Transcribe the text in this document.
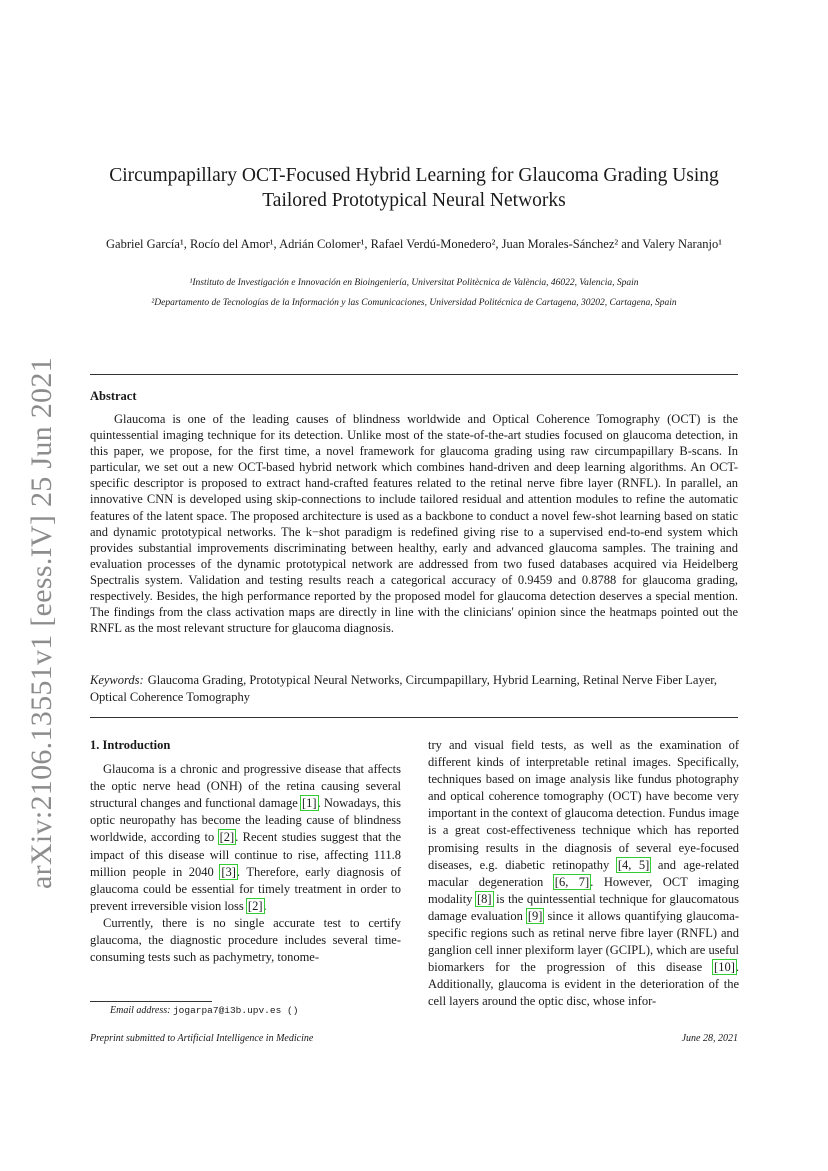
arXiv:2106.13551v1 [eess.IV] 25 Jun 2021
Circumpapillary OCT-Focused Hybrid Learning for Glaucoma Grading Using
Tailored Prototypical Neural Networks
Gabriel García¹, Rocío del Amor¹, Adrián Colomer¹, Rafael Verdú-Monedero², Juan Morales-Sánchez² and Valery Naranjo¹
¹Instituto de Investigación e Innovación en Bioingeniería, Universitat Politècnica de València, 46022, Valencia, Spain
²Departamento de Tecnologías de la Información y las Comunicaciones, Universidad Politécnica de Cartagena, 30202, Cartagena, Spain
Abstract

Glaucoma is one of the leading causes of blindness worldwide and Optical Coherence Tomography (OCT) is the quintessential imaging technique for its detection. Unlike most of the state-of-the-art studies focused on glaucoma detection, in this paper, we propose, for the first time, a novel framework for glaucoma grading using raw circumpapillary B-scans. In particular, we set out a new OCT-based hybrid network which combines hand-driven and deep learning algorithms. An OCT-specific descriptor is proposed to extract hand-crafted features related to the retinal nerve fibre layer (RNFL). In parallel, an innovative CNN is developed using skip-connections to include tailored residual and attention modules to refine the automatic features of the latent space. The proposed architecture is used as a backbone to conduct a novel few-shot learning based on static and dynamic prototypical networks. The k−shot paradigm is redefined giving rise to a supervised end-to-end system which provides substantial improvements discriminating between healthy, early and advanced glaucoma samples. The training and evaluation processes of the dynamic prototypical network are addressed from two fused databases acquired via Heidelberg Spectralis system. Validation and testing results reach a categorical accuracy of 0.9459 and 0.8788 for glaucoma grading, respectively. Besides, the high performance reported by the proposed model for glaucoma detection deserves a special mention. The findings from the class activation maps are directly in line with the clinicians' opinion since the heatmaps pointed out the RNFL as the most relevant structure for glaucoma diagnosis.

Keywords: Glaucoma Grading, Prototypical Neural Networks, Circumpapillary, Hybrid Learning, Retinal Nerve Fiber Layer, Optical Coherence Tomography

1. Introduction

Glaucoma is a chronic and progressive disease that affects the optic nerve head (ONH) of the retina causing several structural changes and functional damage [1]. Nowadays, this optic neuropathy has become the leading cause of blindness worldwide, according to [2]. Recent studies suggest that the impact of this disease will continue to rise, affecting 111.8 million people in 2040 [3]. Therefore, early diagnosis of glaucoma could be essential for timely treatment in order to prevent irreversible vision loss [2].

Currently, there is no single accurate test to certify glaucoma, the diagnostic procedure includes several time-consuming tests such as pachymetry, tonome-

try and visual field tests, as well as the examination of different kinds of interpretable retinal images. Specifically, techniques based on image analysis like fundus photography and optical coherence tomography (OCT) have become very important in the context of glaucoma detection. Fundus image is a great cost-effectiveness technique which has reported promising results in the diagnosis of several eye-focused diseases, e.g. diabetic retinopathy [4, 5] and age-related macular degeneration [6, 7]. However, OCT imaging modality [8] is the quintessential technique for glaucomatous damage evaluation [9] since it allows quantifying glaucoma-specific regions such as retinal nerve fibre layer (RNFL) and ganglion cell inner plexiform layer (GCIPL), which are useful biomarkers for the progression of this disease [10]. Additionally, glaucoma is evident in the deterioration of the cell layers around the optic disc, whose infor-

Email address: jogarpa7@i3b.upv.es ()
Preprint submitted to Artificial Intelligence in Medicine	June 28, 2021
